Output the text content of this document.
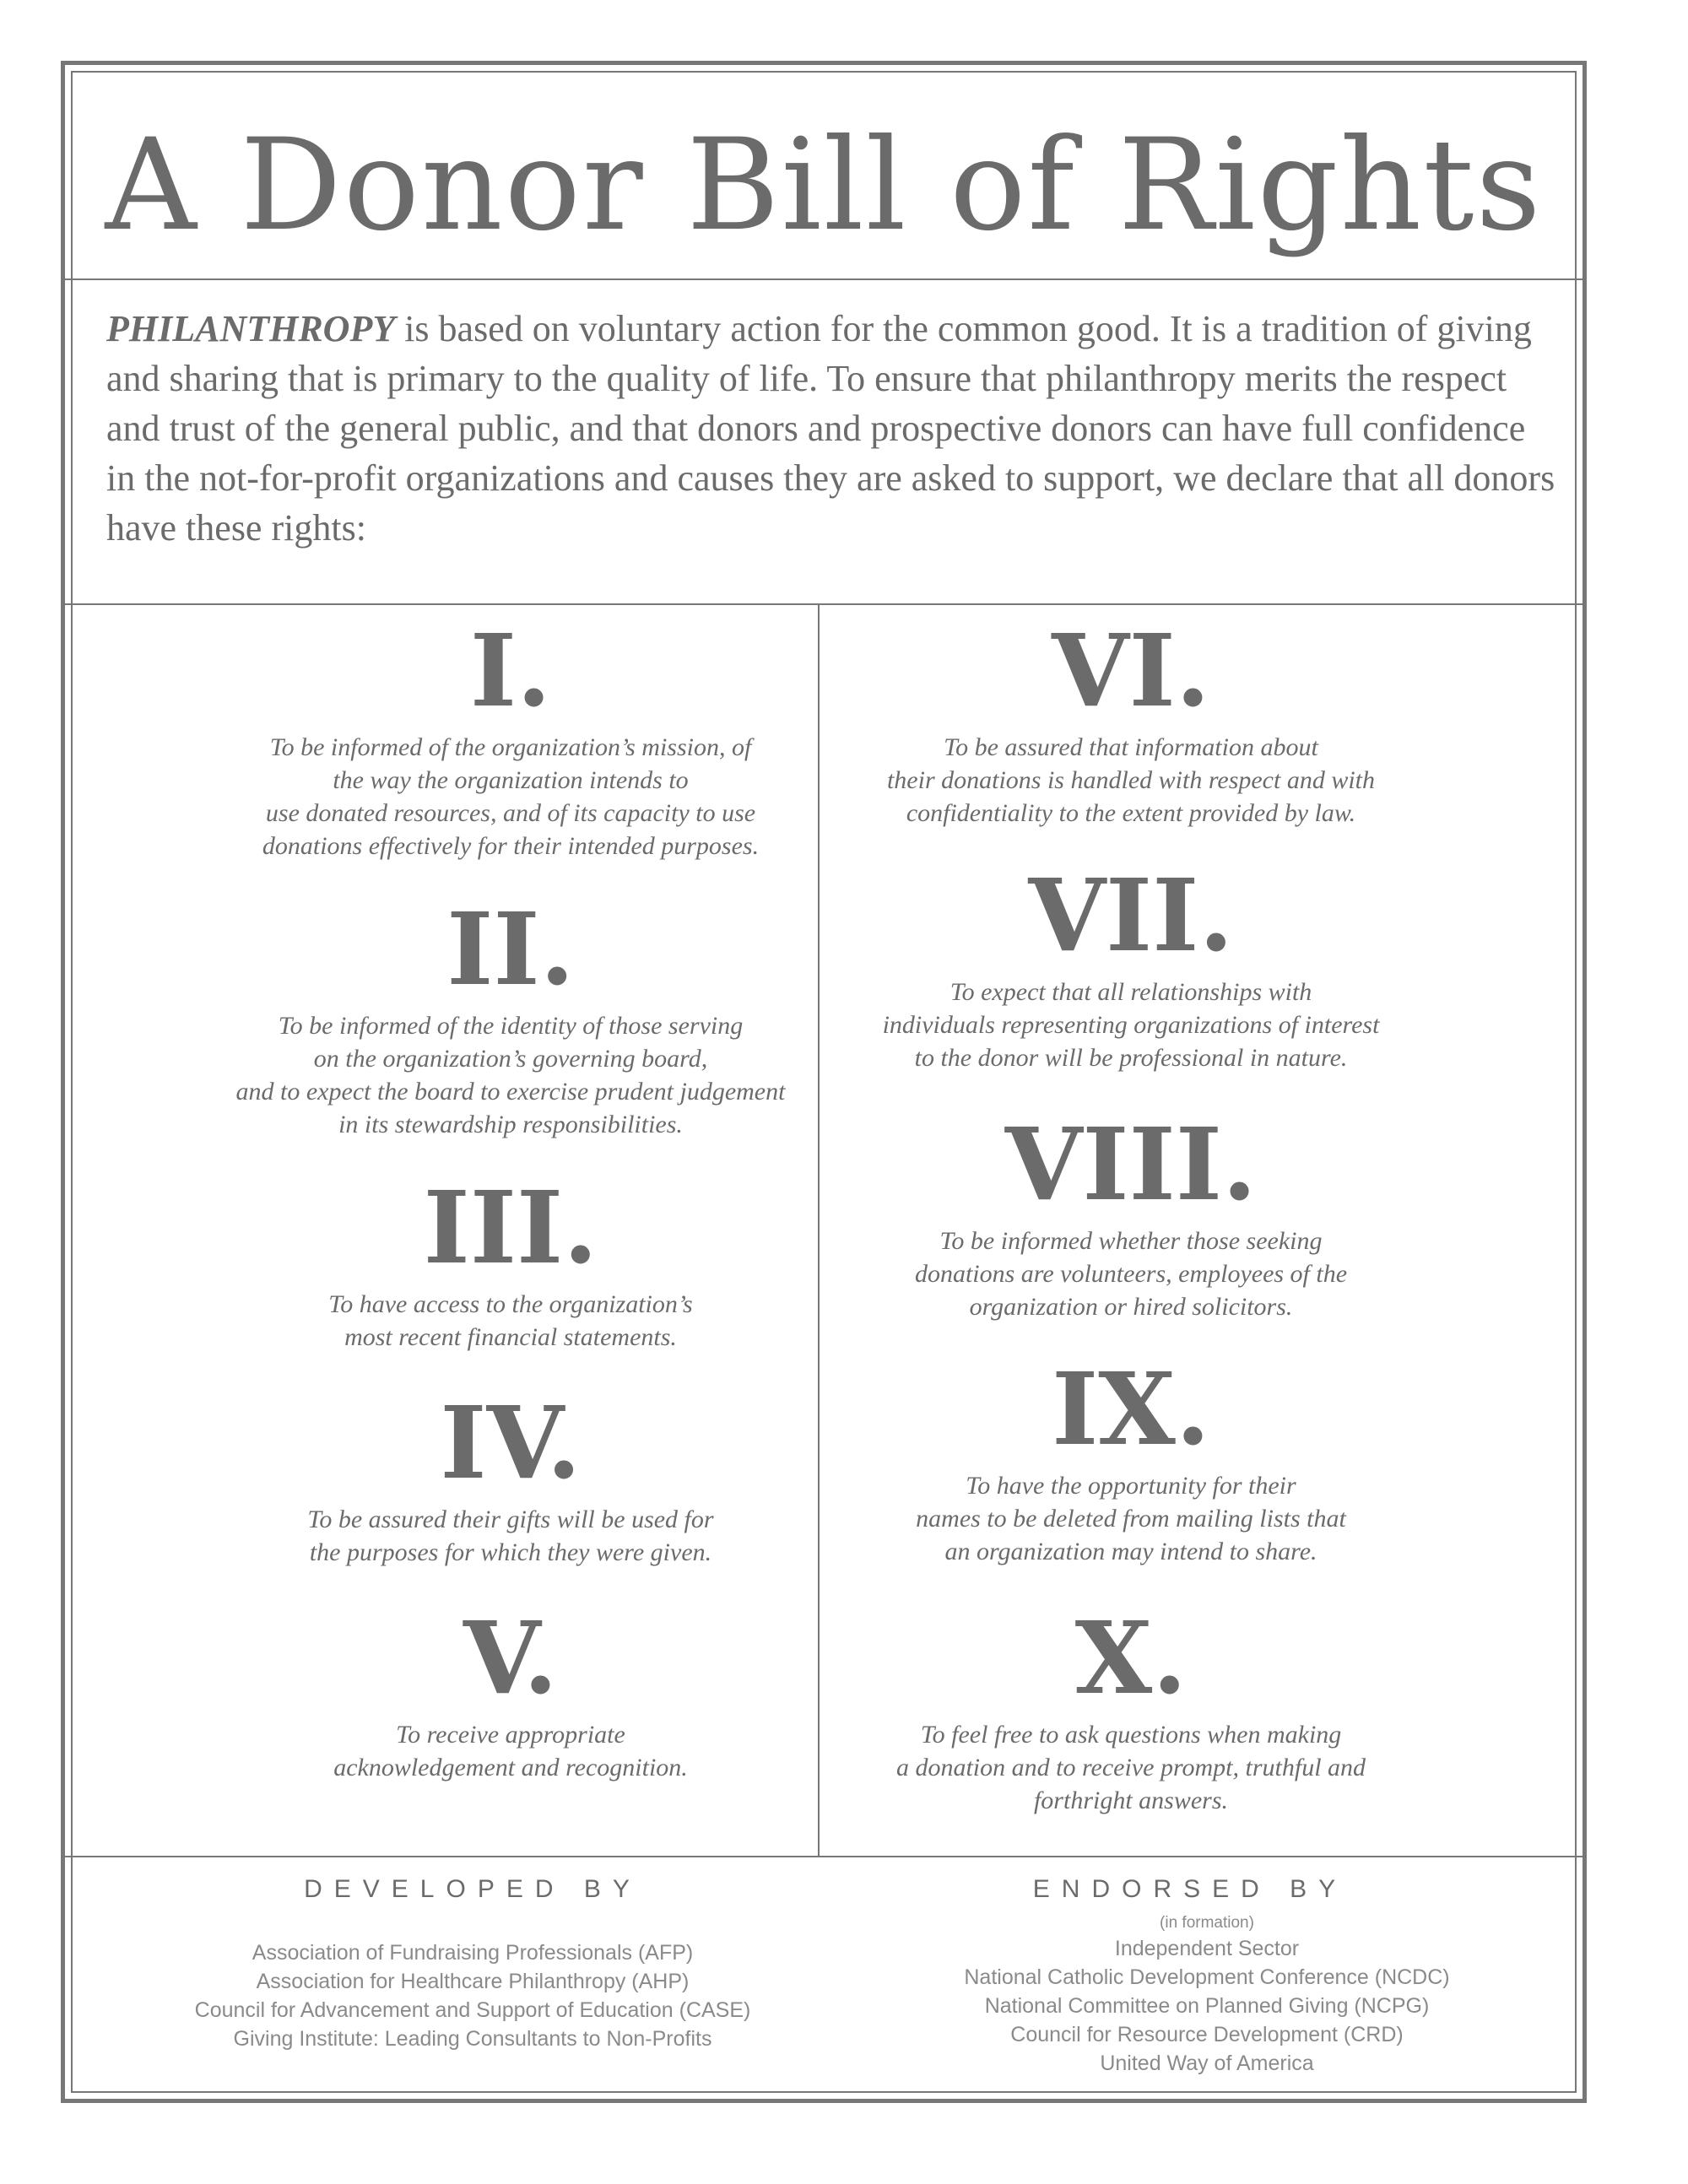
A Donor Bill of Rights

PHILANTHROPY is based on voluntary action for the common good. It is a tradition of giving and sharing that is primary to the quality of life. To ensure that philanthropy merits the respect and trust of the general public, and that donors and prospective donors can have full confidence in the not-for-profit organizations and causes they are asked to support, we declare that all donors have these rights:

I.
To be informed of the organization’s mission, of
the way the organization intends to
use donated resources, and of its capacity to use
donations effectively for their intended purposes.
II.
To be informed of the identity of those serving
on the organization’s governing board,
and to expect the board to exercise prudent judgement
in its stewardship responsibilities.
III.
To have access to the organization’s
most recent financial statements.
IV.
To be assured their gifts will be used for
the purposes for which they were given.
V.
To receive appropriate
acknowledgement and recognition.
VI.
To be assured that information about
their donations is handled with respect and with
confidentiality to the extent provided by law.
VII.
To expect that all relationships with
individuals representing organizations of interest
to the donor will be professional in nature.
VIII.
To be informed whether those seeking
donations are volunteers, employees of the
organization or hired solicitors.
IX.
To have the opportunity for their
names to be deleted from mailing lists that
an organization may intend to share.
X.
To feel free to ask questions when making
a donation and to receive prompt, truthful and
forthright answers.
DEVELOPED BY
Association of Fundraising Professionals (AFP)
Association for Healthcare Philanthropy (AHP)
Council for Advancement and Support of Education (CASE)
Giving Institute: Leading Consultants to Non-Profits
ENDORSED BY
(in formation)
Independent Sector
National Catholic Development Conference (NCDC)
National Committee on Planned Giving (NCPG)
Council for Resource Development (CRD)
United Way of America
